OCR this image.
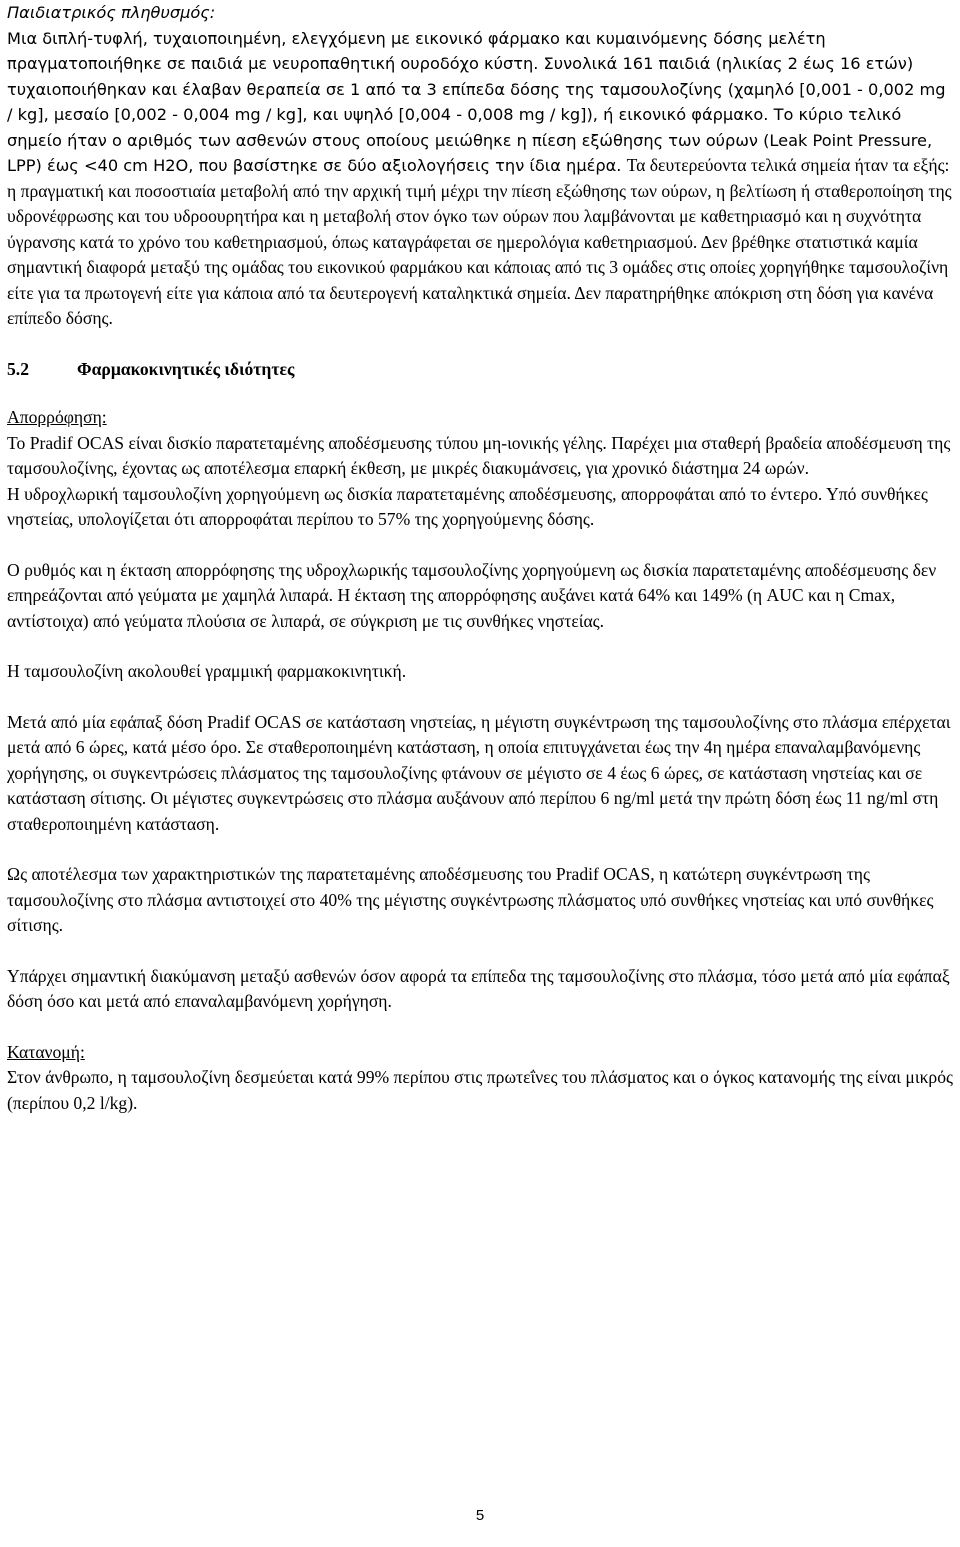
Παιδιατρικός πληθυσμός:
Μια διπλή-τυφλή, τυχαιοποιημένη, ελεγχόμενη με εικονικό φάρμακο και κυμαινόμενης δόσης μελέτη πραγματοποιήθηκε σε παιδιά με νευροπαθητική ουροδόχο κύστη. Συνολικά 161 παιδιά (ηλικίας 2 έως 16 ετών) τυχαιοποιήθηκαν και έλαβαν θεραπεία σε 1 από τα 3 επίπεδα δόσης της ταμσουλοζίνης (χαμηλό [0,001 - 0,002 mg / kg], μεσαίο [0,002 - 0,004 mg / kg], και υψηλό [0,004 - 0,008 mg / kg]), ή εικονικό φάρμακο. Το κύριο τελικό σημείο ήταν ο αριθμός των ασθενών στους οποίους μειώθηκε η πίεση εξώθησης των ούρων (Leak Point Pressure, LPP) έως <40 cm H2O, που βασίστηκε σε δύο αξιολογήσεις την ίδια ημέρα. Τα δευτερεύοντα τελικά σημεία ήταν τα εξής: η πραγματική και ποσοστιαία μεταβολή από την αρχική τιμή μέχρι την πίεση εξώθησης των ούρων, η βελτίωση ή σταθεροποίηση της υδρονέφρωσης και του υδροουρητήρα και η μεταβολή στον όγκο των ούρων που λαμβάνονται με καθετηριασμό και η συχνότητα ύγρανσης κατά το χρόνο του καθετηριασμού, όπως καταγράφεται σε ημερολόγια καθετηριασμού. Δεν βρέθηκε στατιστικά καμία σημαντική διαφορά μεταξύ της ομάδας του εικονικού φαρμάκου και κάποιας από τις 3 ομάδες στις οποίες χορηγήθηκε ταμσουλοζίνη είτε για τα πρωτογενή είτε για κάποια από τα δευτερογενή καταληκτικά σημεία. Δεν παρατηρήθηκε απόκριση στη δόση για κανένα επίπεδο δόσης.

5.2	Φαρμακοκινητικές ιδιότητες

Απορρόφηση:
Το Pradif OCAS είναι δισκίο παρατεταμένης αποδέσμευσης τύπου μη-ιονικής γέλης. Παρέχει μια σταθερή βραδεία αποδέσμευση της ταμσουλοζίνης, έχοντας ως αποτέλεσμα επαρκή έκθεση, με μικρές διακυμάνσεις, για χρονικό διάστημα 24 ωρών.
Η υδροχλωρική ταμσουλοζίνη χορηγούμενη ως δισκία παρατεταμένης αποδέσμευσης, απορροφάται από το έντερο. Υπό συνθήκες νηστείας, υπολογίζεται ότι απορροφάται περίπου το 57% της χορηγούμενης δόσης.

Ο ρυθμός και η έκταση απορρόφησης της υδροχλωρικής ταμσουλοζίνης χορηγούμενη ως δισκία παρατεταμένης αποδέσμευσης δεν επηρεάζονται από γεύματα με χαμηλά λιπαρά. Η έκταση της απορρόφησης αυξάνει κατά 64% και 149% (η AUC και η Cmax, αντίστοιχα) από γεύματα πλούσια σε λιπαρά, σε σύγκριση με τις συνθήκες νηστείας.

Η ταμσουλοζίνη ακολουθεί γραμμική φαρμακοκινητική.

Μετά από μία εφάπαξ δόση Pradif OCAS σε κατάσταση νηστείας, η μέγιστη συγκέντρωση της ταμσουλοζίνης στο πλάσμα επέρχεται μετά από 6 ώρες, κατά μέσο όρο. Σε σταθεροποιημένη κατάσταση, η οποία επιτυγχάνεται έως την 4η ημέρα επαναλαμβανόμενης χορήγησης, οι συγκεντρώσεις πλάσματος της ταμσουλοζίνης φτάνουν σε μέγιστο σε 4 έως 6 ώρες, σε κατάσταση νηστείας και σε κατάσταση σίτισης. Οι μέγιστες συγκεντρώσεις στο πλάσμα αυξάνουν από περίπου 6 ng/ml μετά την πρώτη δόση έως 11 ng/ml στη σταθεροποιημένη κατάσταση.

Ως αποτέλεσμα των χαρακτηριστικών της παρατεταμένης αποδέσμευσης του Pradif OCAS, η κατώτερη συγκέντρωση της ταμσουλοζίνης στο πλάσμα αντιστοιχεί στο 40% της μέγιστης συγκέντρωσης πλάσματος υπό συνθήκες νηστείας και υπό συνθήκες σίτισης.

Υπάρχει σημαντική διακύμανση μεταξύ ασθενών όσον αφορά τα επίπεδα της ταμσουλοζίνης στο πλάσμα, τόσο μετά από μία εφάπαξ δόση όσο και μετά από επαναλαμβανόμενη χορήγηση.

Κατανομή:
Στον άνθρωπο, η ταμσουλοζίνη δεσμεύεται κατά 99% περίπου στις πρωτεΐνες του πλάσματος και ο όγκος κατανομής της είναι μικρός (περίπου 0,2 l/kg).

5
